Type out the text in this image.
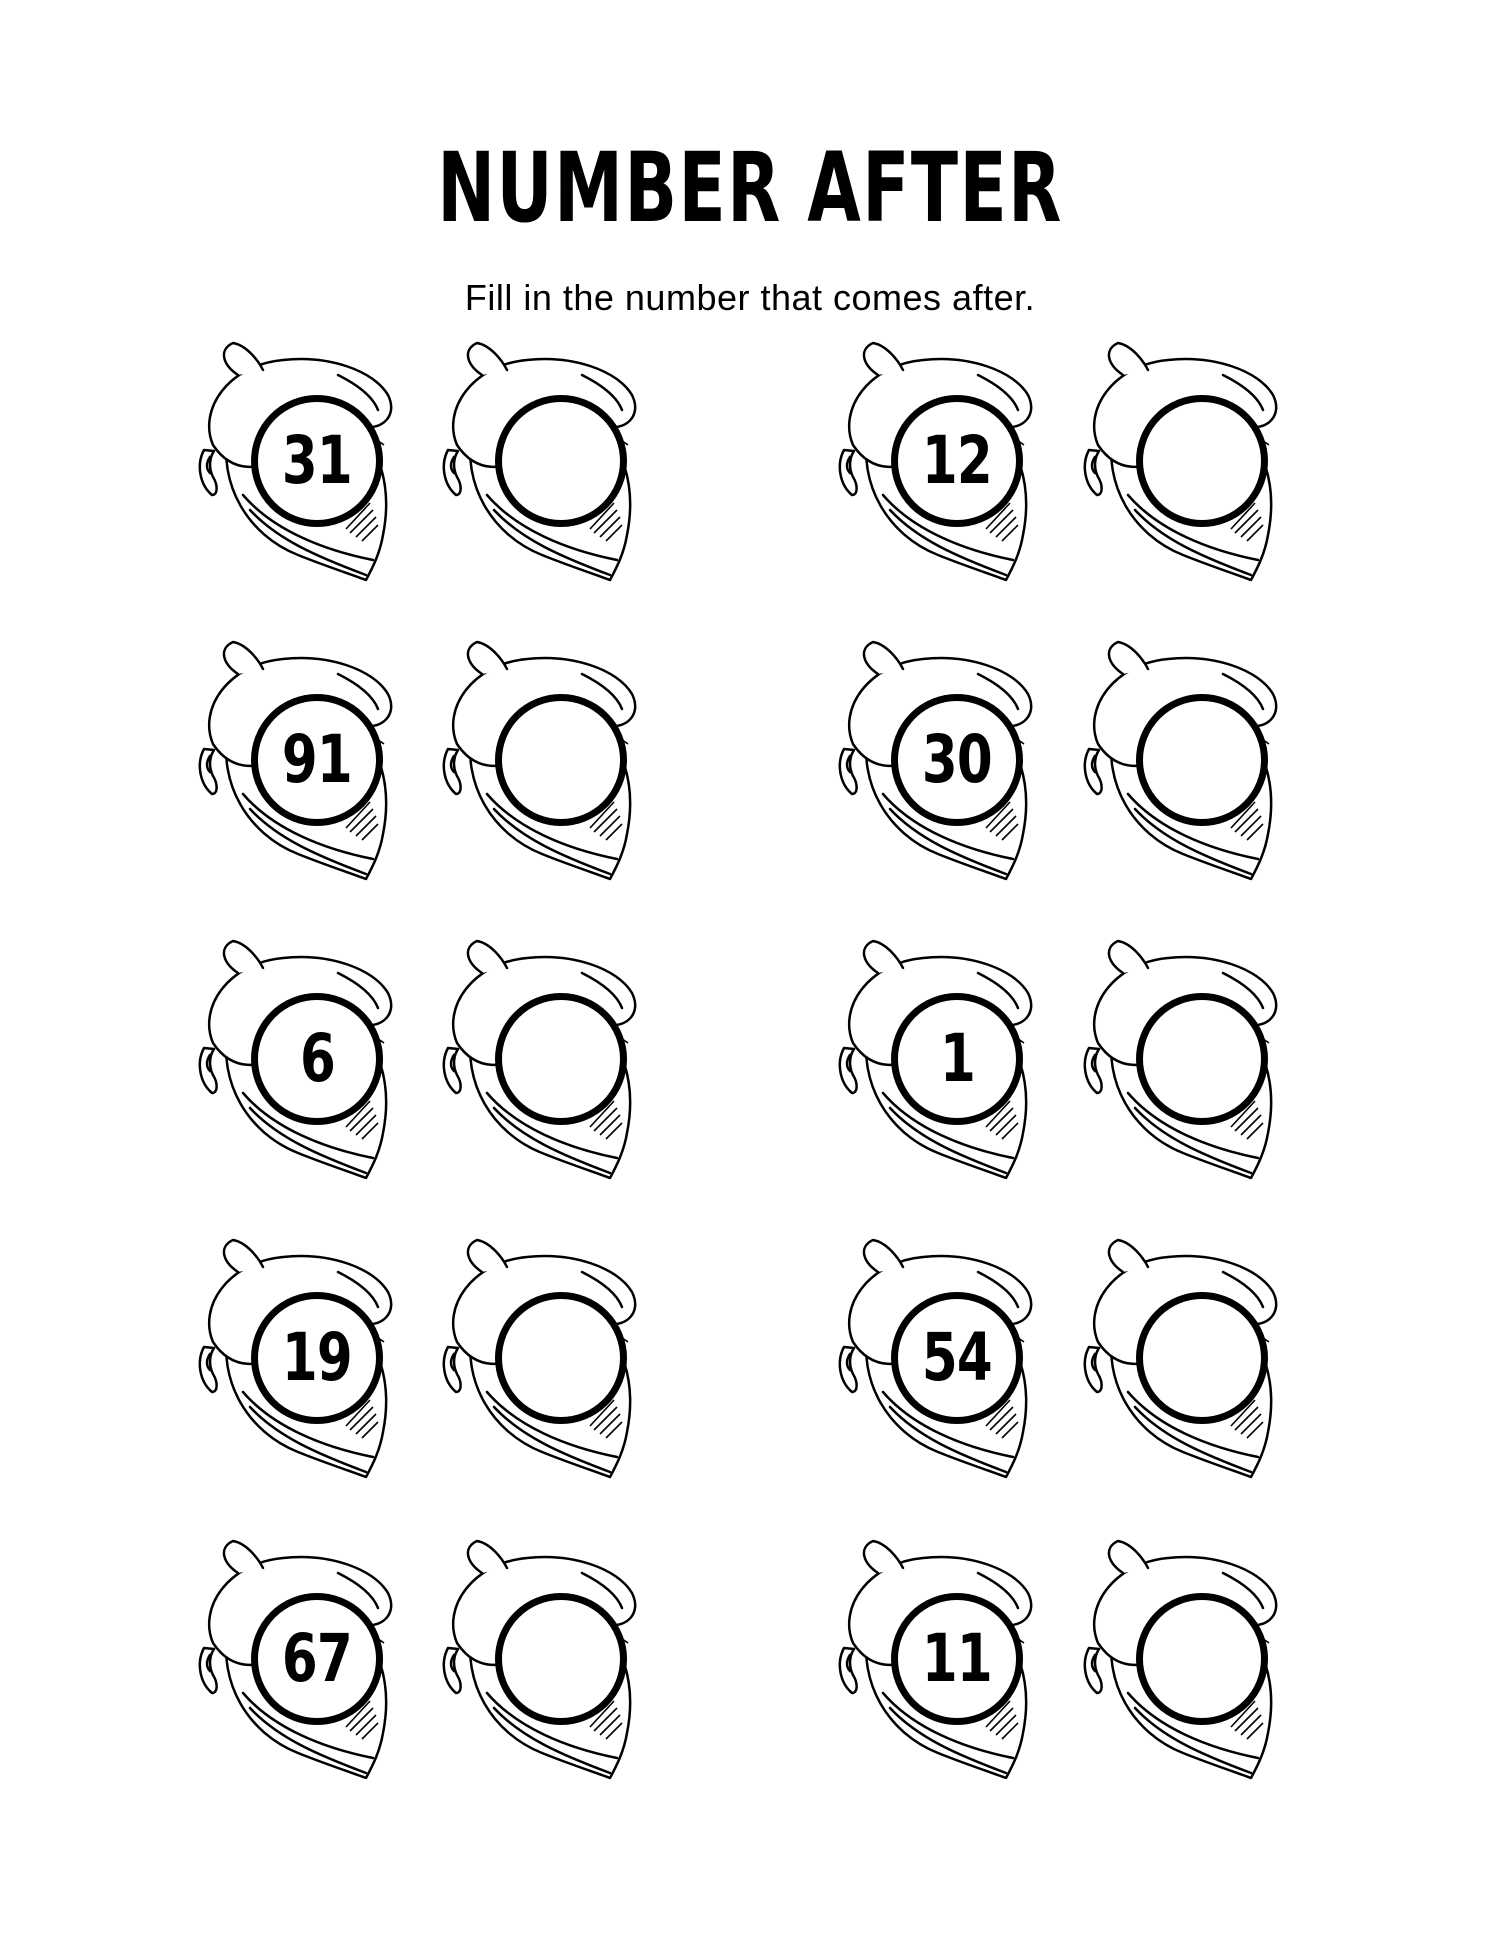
NUMBER AFTER
Fill in the number that comes after.
31	12
91	30
6	1
19	54
67	11
